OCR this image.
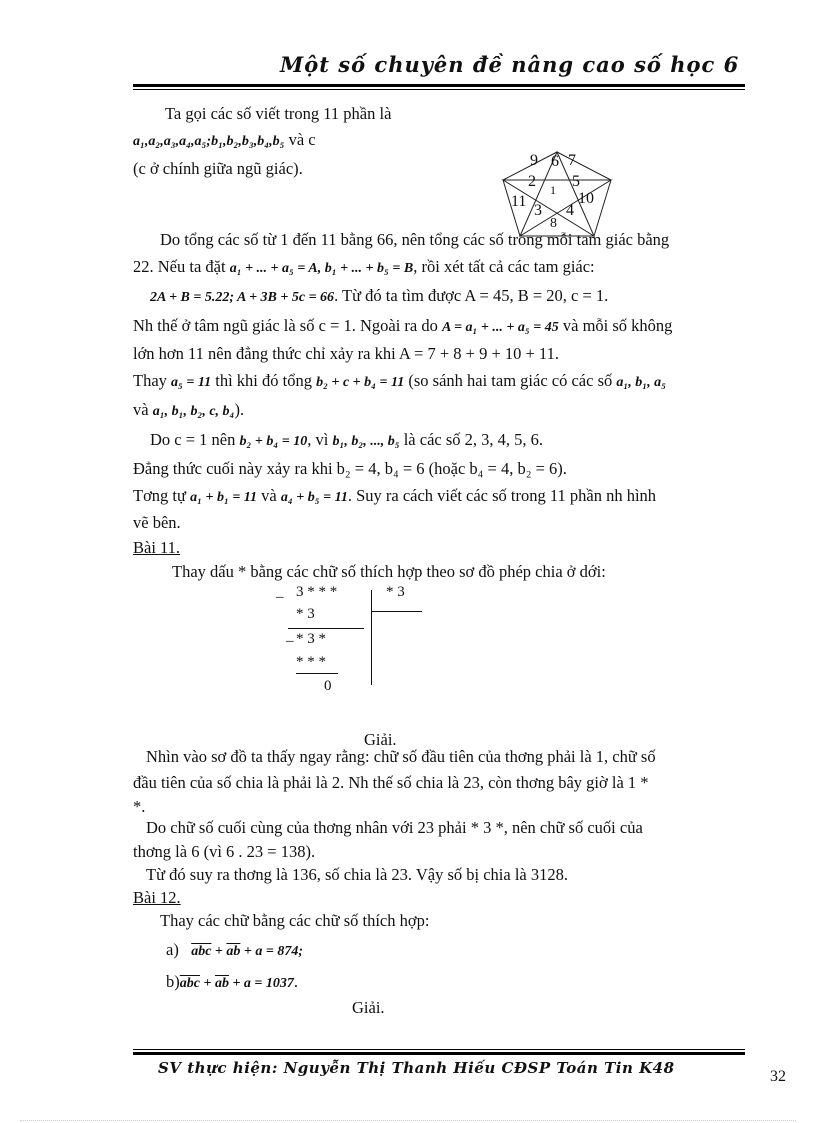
Một số chuyên đề nâng cao số học 6
Ta gọi các số viết trong 11 phần là
a₁,a₂,a₃,a₄,a₅;b₁,b₂,b₃,b₄,b₅ và c
(c ở chính giữa ngũ giác).	9 6 7
2 1 5
11
3 4
10
8
Do tổng các số từ 1 đến 11 bằng 66, nên tổng các số trong mỗi tam giác bằng
22. Nếu ta đặt a₁ + ... + a₅ = A, b₁ + ... + b₅ = B, rồi xét tất cả các tam giác:
2A + B = 5.22; A + 3B + 5c = 66. Từ đó ta tìm được A = 45, B = 20, c = 1.
Nh thế ở tâm ngũ giác là số c = 1. Ngoài ra do A = a₁ + ... + a₅ = 45 và mỗi số không
lớn hơn 11 nên đẳng thức chỉ xảy ra khi A = 7 + 8 + 9 + 10 + 11.
Thay a₅ = 11 thì khi đó tổng b₂ + c + b₄ = 11 (so sánh hai tam giác có các số a₁, b₁, a₅
và a₁, b₁, b₂, c, b₄).
Do c = 1 nên b₂ + b₄ = 10, vì b₁, b₂, ..., b₅ là các số 2, 3, 4, 5, 6.
Đẳng thức cuối này xảy ra khi b₂ = 4, b₄ = 6 (hoặc b₄ = 4, b₂ = 6).
Tơng tự a₁ + b₁ = 11 và a₄ + b₅ = 11. Suy ra cách viết các số trong 11 phần nh hình
vẽ bên.
Bài 11.
Thay dấu * bằng các chữ số thích hợp theo sơ đồ phép chia ở dới:
_ 3 * * *	* 3
* 3
_ * 3 *
* * *
0
Giải.
Nhìn vào sơ đồ ta thấy ngay rằng: chữ số đầu tiên của thơng phải là 1, chữ số
đầu tiên của số chia là phải là 2. Nh thế số chia là 23, còn thơng bây giờ là 1 *
*.
Do chữ số cuối cùng của thơng nhân với 23 phải * 3 *, nên chữ số cuối của
thơng là 6 (vì 6 . 23 = 138).
Từ đó suy ra thơng là 136, số chia là 23. Vậy số bị chia là 3128.
Bài 12.
Thay các chữ bằng các chữ số thích hợp:
a) $\overline{abc} + \overline{ab} + a = 874$;
$b)\overline{abc} + \overline{ab} + a = 1037$.
Giải.
SV thực hiện: Nguyễn Thị Thanh Hiếu CĐSP Toán Tin K48	32
